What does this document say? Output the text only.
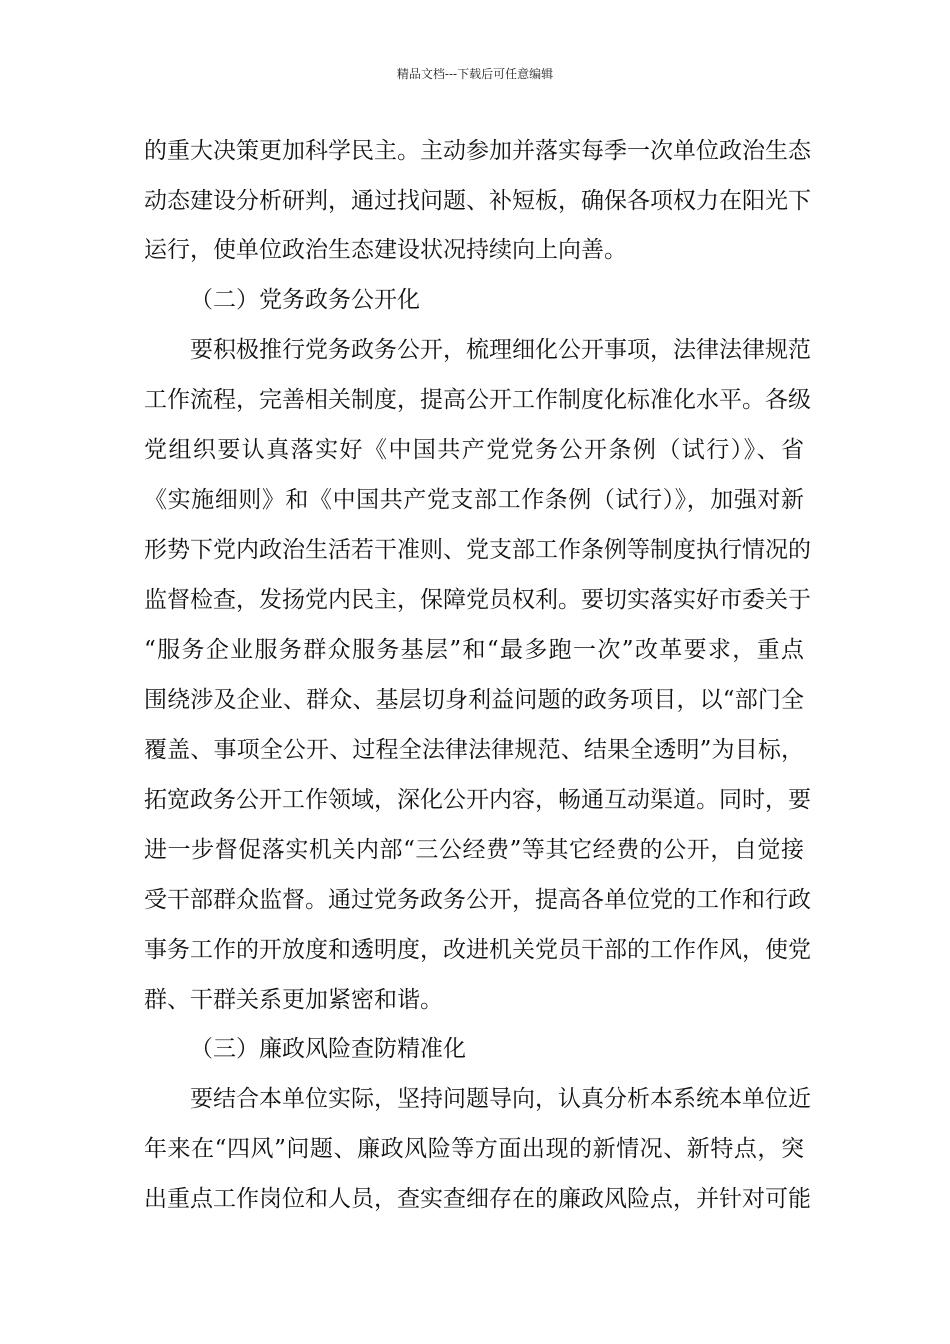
精品文档---下载后可任意编辑
的重大决策更加科学民主。主动参加并落实每季一次单位政治生态
动态建设分析研判，通过找问题、补短板，确保各项权力在阳光下
运行，使单位政治生态建设状况持续向上向善。
（二）党务政务公开化
要积极推行党务政务公开，梳理细化公开事项，法律法律规范
工作流程，完善相关制度，提高公开工作制度化标准化水平。各级
党组织要认真落实好《中国共产党党务公开条例（试行）》、省
《实施细则》和《中国共产党支部工作条例（试行）》，加强对新
形势下党内政治生活若干准则、党支部工作条例等制度执行情况的
监督检查，发扬党内民主，保障党员权利。要切实落实好市委关于
“服务企业服务群众服务基层”和“最多跑一次”改革要求，重点
围绕涉及企业、群众、基层切身利益问题的政务项目，以“部门全
覆盖、事项全公开、过程全法律法律规范、结果全透明”为目标，
拓宽政务公开工作领域，深化公开内容，畅通互动渠道。同时，要
进一步督促落实机关内部“三公经费”等其它经费的公开，自觉接
受干部群众监督。通过党务政务公开，提高各单位党的工作和行政
事务工作的开放度和透明度，改进机关党员干部的工作作风，使党
群、干群关系更加紧密和谐。
（三）廉政风险查防精准化
要结合本单位实际，坚持问题导向，认真分析本系统本单位近
年来在“四风”问题、廉政风险等方面出现的新情况、新特点，突
出重点工作岗位和人员，查实查细存在的廉政风险点，并针对可能
